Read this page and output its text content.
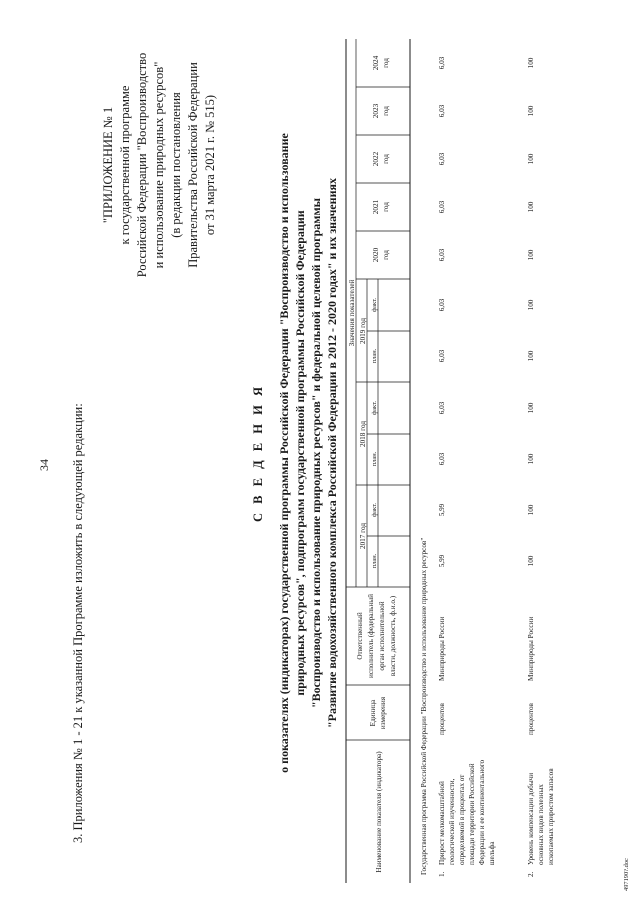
34 3. Приложения № 1 - 21 к указанной Программе изложить в следующей редакции:
"ПРИЛОЖЕНИЕ № 1 к государственной программе Российской Федерации "Воспроизводство и использование природных ресурсов" (в редакции постановления Правительства Российской Федерации от 31 марта 2021 г. № 515)
С В Е Д Е Н И Я о показателях (индикаторах) государственной программы Российской Федерации "Воспроизводство и использование природных ресурсов", подпрограмм государственной программы Российской Федерации "Воспроизводство и использование природных ресурсов" и федеральной целевой программы "Развитие водохозяйственного комплекса Российской Федерации в 2012 - 2020 годах" и их значениях
Наименование показателя (индикатора)
Единица измерения
Ответственный исполнитель (федеральный орган исполнительной власти, должность, ф.и.о.)
Значения показателей
2017 год
2018 год
2019 год
план.
факт.
план.
факт.
план.
факт.
2020 год
2021 год
2022 год
2023 год
2024 год
Государственная программа Российской Федерации "Воспроизводство и использование природных ресурсов" 1.
Прирост мелкомасштабной геологической изученности, определяемой в процентах от площади территории Российской Федерации и ее континентального шельфа
процентов
Минприроды России
5,99
5,99
6,03
6,03
6,03
6,03
6,03
6,03
6,03
6,03
6,03
2.
Уровень компенсации добычи основных видов полезных ископаемых приростом запасов
процентов
Минприроды России
100
100
100
100
100
100
100
100
100
100
100
497190?.doc
